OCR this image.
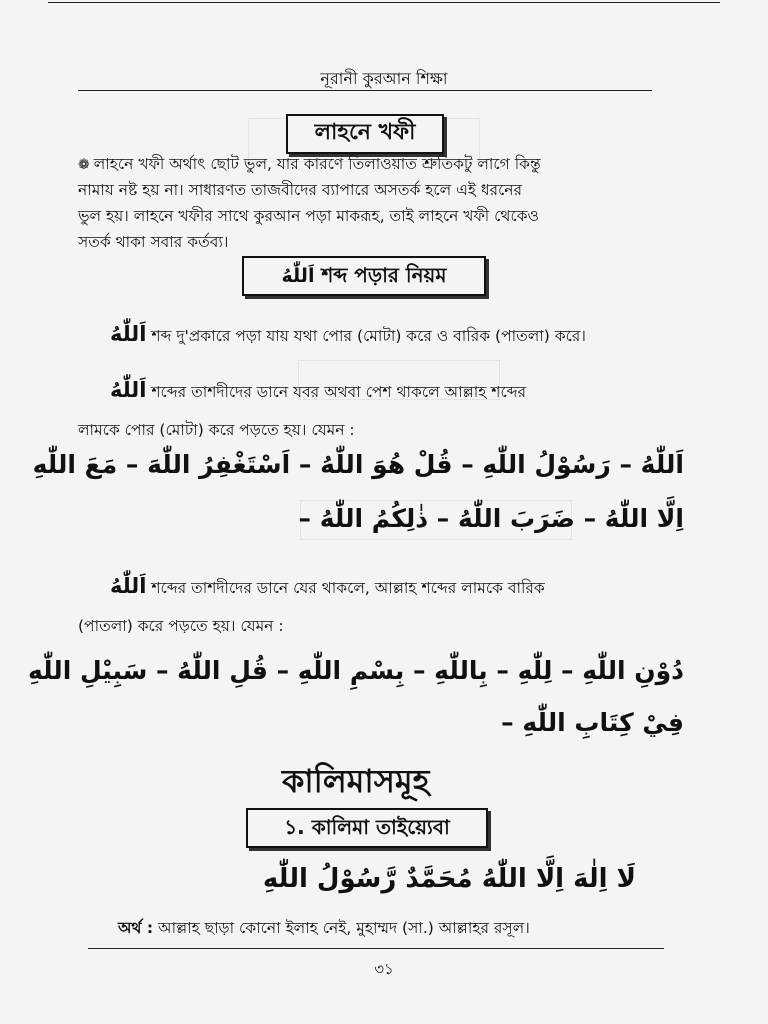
নূরানী কুরআন শিক্ষা
লাহনে খফী
❁ লাহনে খফী অর্থাৎ ছোট ভুল, যার কারণে তিলাওয়াত শ্রুতিকটু লাগে কিন্তু
নামায নষ্ট হয় না। সাধারণত তাজবীদের ব্যাপারে অসতর্ক হলে এই ধরনের
ভুল হয়। লাহনে খফীর সাথে কুরআন পড়া মাকরূহ, তাই লাহনে খফী থেকেও
সতর্ক থাকা সবার কর্তব্য।
اَللّٰهُ শব্দ পড়ার নিয়ম
اَللّٰهُ শব্দ দু'প্রকারে পড়া যায় যথা পোর (মোটা) করে ও বারিক (পাতলা) করে।
اَللّٰهُ শব্দের তাশদীদের ডানে যবর অথবা পেশ থাকলে আল্লাহ শব্দের
লামকে পোর (মোটা) করে পড়তে হয়। যেমন :
اَللّٰهُ – رَسُوْلُ اللّٰهِ – قُلْ هُوَ اللّٰهُ – اَسْتَغْفِرُ اللّٰهَ – مَعَ اللّٰهِ
اِلَّا اللّٰهُ – ضَرَبَ اللّٰهُ – ذٰلِكُمُ اللّٰهُ –
اَللّٰهُ শব্দের তাশদীদের ডানে যের থাকলে, আল্লাহ শব্দের লামকে বারিক
(পাতলা) করে পড়তে হয়। যেমন :
دُوْنِ اللّٰهِ – لِلّٰهِ – بِاللّٰهِ – بِسْمِ اللّٰهِ – قُلِ اللّٰهُ – سَبِيْلِ اللّٰهِ
فِيْ كِتَابِ اللّٰهِ –
কালিমাসমূহ
১. কালিমা তাইয়্যেবা
لَا اِلٰهَ اِلَّا اللّٰهُ مُحَمَّدٌ رَّسُوْلُ اللّٰهِ
অর্থ : আল্লাহ ছাড়া কোনো ইলাহ নেই, মুহাম্মদ (সা.) আল্লাহর রসূল।
৩১
